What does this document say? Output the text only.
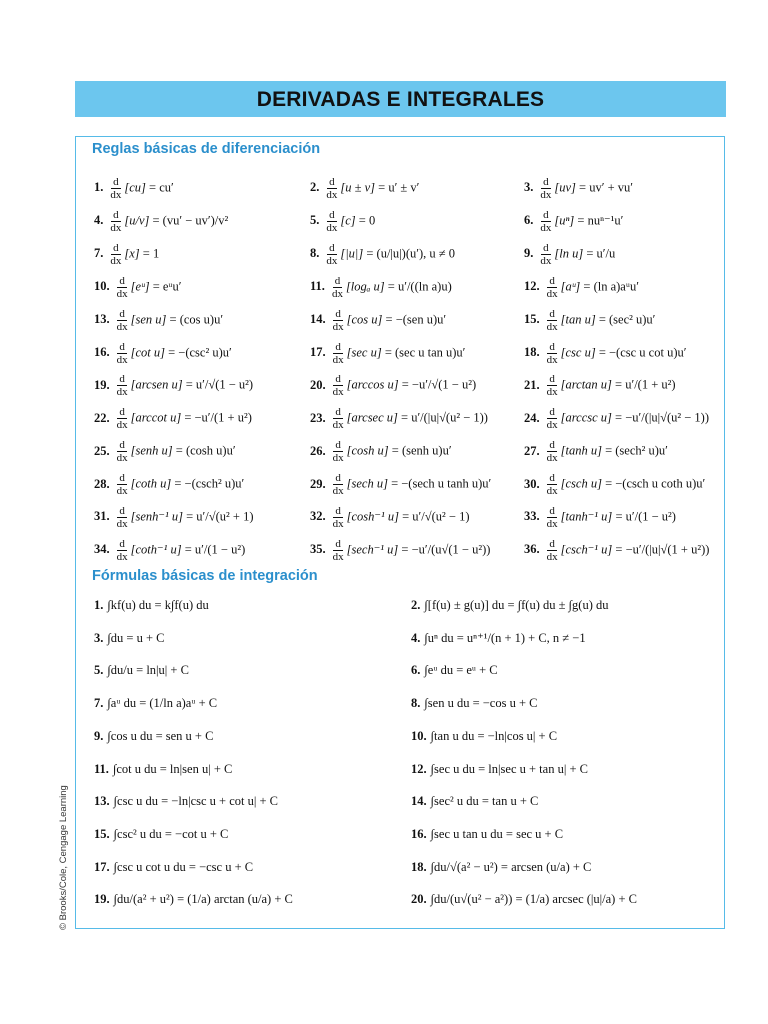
DERIVADAS E INTEGRALES
Reglas básicas de diferenciación
Fórmulas básicas de integración
1. $\frac{d}{dx} [cu] = cu'$	2. $\frac{d}{dx} [u \pm v] = u' \pm v'$	3. $\frac{d}{dx} [uv] = uv' + vu'$
4. $\frac{d}{dx} [u/v] = (vu' - uv')/v^2$	5. $\frac{d}{dx} [c] = 0$	6. $\frac{d}{dx} [u^n] = nu^{n-1}u'$
7. $\frac{d}{dx} [x] = 1$	8. $\frac{d}{dx} [|u|] = (u/|u|)(u')$, u ≠ 0	9. $\frac{d}{dx} [\ln$ u] = u′/u
10. $\frac{d}{dx}$ [eᵘ] = eᵘu′	11. $\frac{d}{dx} [\log_a$ u] = u′/((ln a)u)	12. $\frac{d}{dx}$ [aᵘ] = (ln a)aᵘu′
13. $\frac{d}{dx} [sen$ u] = (cos u)u′	14. $\frac{d}{dx} [\cos$ u] = −(sen u)u′	15. $\frac{d}{dx} [\tan$ u] = (sec² u)u′
16. $\frac{d}{dx} [\cot$ u] = −(csc² u)u′	17. $\frac{d}{dx} [\sec$ u] = (sec u tan u)u′	18. $\frac{d}{dx} [\csc$ u] = −(csc u cot u)u′
19. $\frac{d}{dx}$ [arcsen u] = u′/√(1 − u²)	20. $\frac{d}{dx} [\arccos$ u] = −u′/√(1 − u²)	21. $\frac{d}{dx} [\arctan$ u] = u′/(1 + u²)
22. $\frac{d}{dx} [arccot$ u] = −u′/(1 + u²)	23. $\frac{d}{dx} [arcsec$ u] = u′/(|u|√(u² − 1))	24. $\frac{d}{dx} [arccsc$ u] = −u′/(|u|√(u² − 1))
25. $\frac{d}{dx}$ [senh u] = (cosh u)u′	26. $\frac{d}{dx} [\cosh$ u] = (senh u)u′	27. $\frac{d}{dx} [\tanh$ u] = (sech² u)u′
28. $\frac{d}{dx} [\cot h$ u] = −(csch² u)u′	29. $\frac{d}{dx} [\sec h$ u] = −(sech u tanh u)u′	30. $\frac{d}{dx} [\csc h$ u] = −(csch u coth u)u′
31. $\frac{d}{dx}$ [senh⁻¹ u] = u′/√(u² + 1)	32. $\frac{d}{dx} [\cosh^{-1}$ u] = u′/√(u² − 1)	33. $\frac{d}{dx} [\tanh^{-1}$ u] = u′/(1 − u²)
34. $\frac{d}{dx} [\cot h^{-1}$ u] = u′/(1 − u²)	35. $\frac{d}{dx} [\sec h^{-1}$ u] = −u′/(u√(1 − u²))	36. $\frac{d}{dx} [\csc h^{-1}$ u] = −u′/(|u|√(1 + u²))
1. ∫kf(u) du = k∫f(u) du	2. ∫[f(u) ± g(u)] du = ∫f(u) du ± ∫g(u) du
3. ∫du = u + C	4. ∫uⁿ du = uⁿ⁺¹/(n + 1) + C, n ≠ −1
5. ∫du/u = ln|u| + C	6. ∫eᵘ du = eᵘ + C
7. ∫aᵘ du = (1/ln a)aᵘ + C	8. ∫sen u du = −cos u + C
9. ∫cos u du = sen u + C	10. ∫tan u du = −ln|cos u| + C
11. ∫cot u du = ln|sen u| + C	12. ∫sec u du = ln|sec u + tan u| + C
13. ∫csc u du = −ln|csc u + cot u| + C	14. ∫sec² u du = tan u + C
15. ∫csc² u du = −cot u + C	16. ∫sec u tan u du = sec u + C
17. ∫csc u cot u du = −csc u + C	18. ∫du/√(a² − u²) = arcsen (u/a) + C
19. ∫du/(a² + u²) = (1/a) arctan (u/a) + C	20. ∫du/(u√(u² − a²)) = (1/a) arcsec (|u|/a) + C
© Brooks/Cole, Cengage Learning
